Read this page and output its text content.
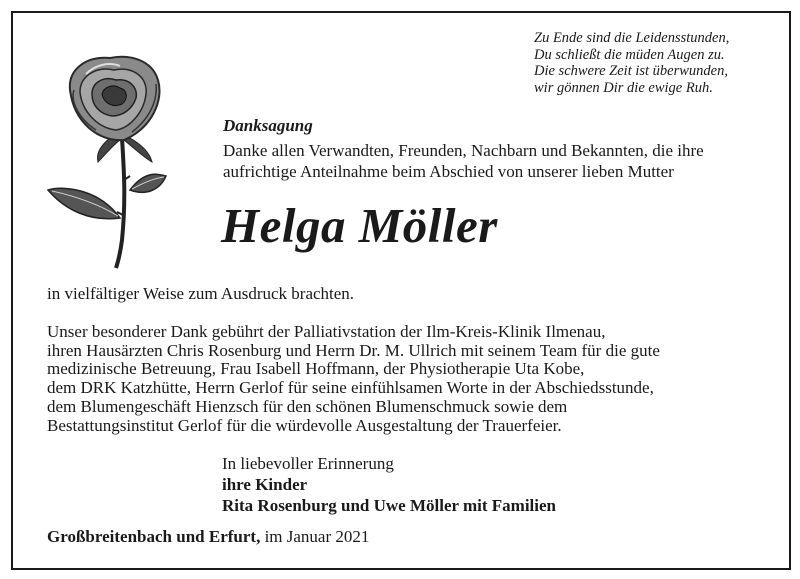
Zu Ende sind die Leidensstunden,
Du schließt die müden Augen zu.
Die schwere Zeit ist überwunden,
wir gönnen Dir die ewige Ruh.
Danksagung
Danke allen Verwandten, Freunden, Nachbarn und Bekannten, die ihre
aufrichtige Anteilnahme beim Abschied von unserer lieben Mutter
Helga Möller
in vielfältiger Weise zum Ausdruck brachten.
Unser besonderer Dank gebührt der Palliativstation der Ilm-Kreis-Klinik Ilmenau,
ihren Hausärzten Chris Rosenburg und Herrn Dr. M. Ullrich mit seinem Team für die gute
medizinische Betreuung, Frau Isabell Hoffmann, der Physiotherapie Uta Kobe,
dem DRK Katzhütte, Herrn Gerlof für seine einfühlsamen Worte in der Abschiedsstunde,
dem Blumengeschäft Hienzsch für den schönen Blumenschmuck sowie dem
Bestattungsinstitut Gerlof für die würdevolle Ausgestaltung der Trauerfeier.
In liebevoller Erinnerung
ihre Kinder
Rita Rosenburg und Uwe Möller mit Familien
Großbreitenbach und Erfurt, im Januar 2021
